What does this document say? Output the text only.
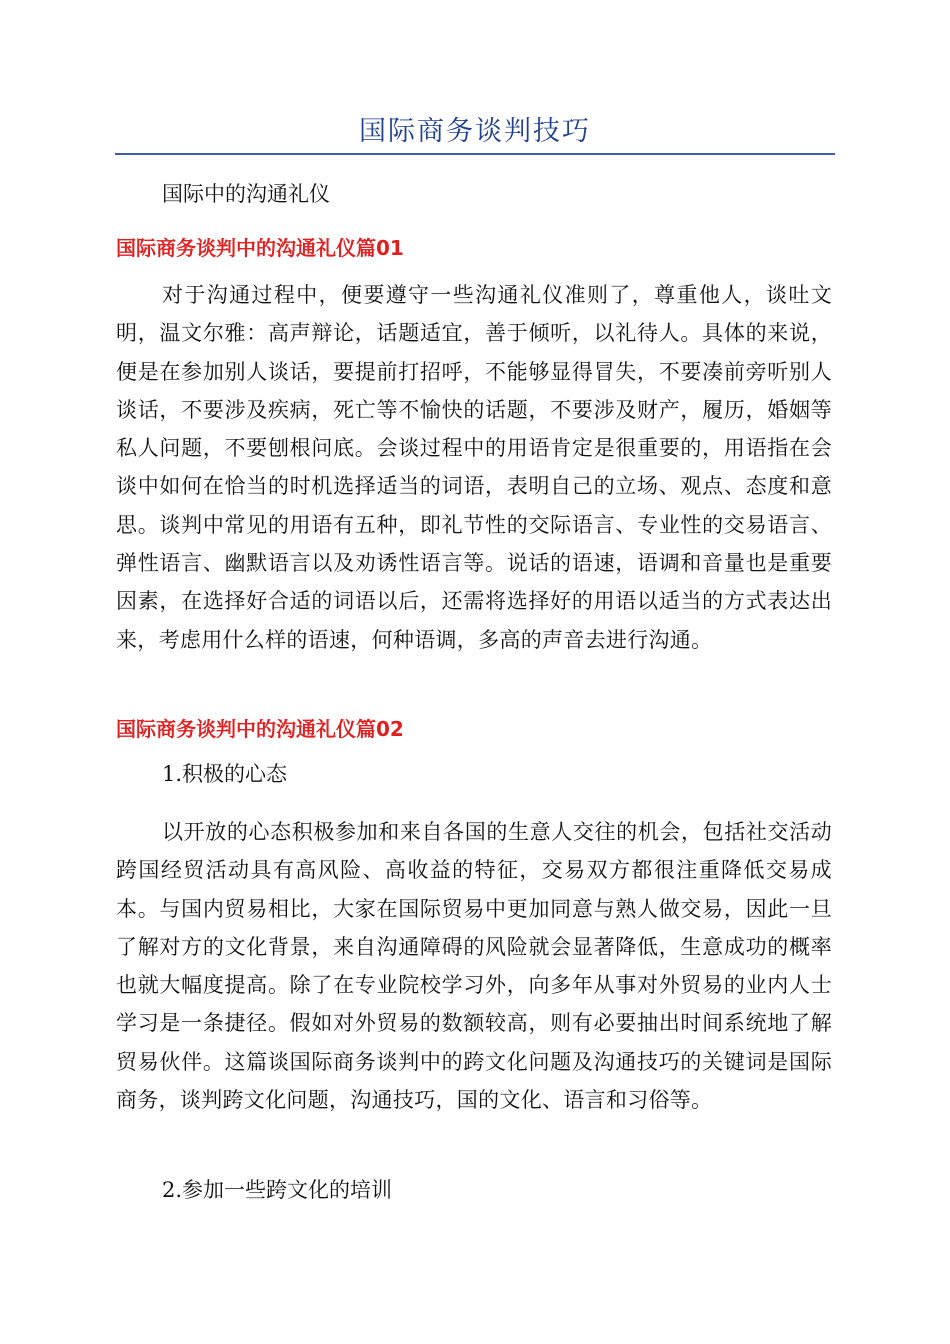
国际商务谈判技巧
国际中的沟通礼仪
国际商务谈判中的沟通礼仪篇01
对于沟通过程中，便要遵守一些沟通礼仪准则了，尊重他人，谈吐文明，温文尔雅：高声辩论，话题适宜，善于倾听，以礼待人。具体的来说，便是在参加别人谈话，要提前打招呼，不能够显得冒失，不要凑前旁听别人谈话，不要涉及疾病，死亡等不愉快的话题，不要涉及财产，履历，婚姻等私人问题，不要刨根问底。会谈过程中的用语肯定是很重要的，用语指在会谈中如何在恰当的时机选择适当的词语，表明自己的立场、观点、态度和意思。谈判中常见的用语有五种，即礼节性的交际语言、专业性的交易语言、弹性语言、幽默语言以及劝诱性语言等。说话的语速，语调和音量也是重要因素，在选择好合适的词语以后，还需将选择好的用语以适当的方式表达出来，考虑用什么样的语速，何种语调，多高的声音去进行沟通。
国际商务谈判中的沟通礼仪篇02
1.积极的心态
以开放的心态积极参加和来自各国的生意人交往的机会，包括社交活动跨国经贸活动具有高风险、高收益的特征，交易双方都很注重降低交易成本。与国内贸易相比，大家在国际贸易中更加同意与熟人做交易，因此一旦了解对方的文化背景，来自沟通障碍的风险就会显著降低，生意成功的概率也就大幅度提高。除了在专业院校学习外，向多年从事对外贸易的业内人士学习是一条捷径。假如对外贸易的数额较高，则有必要抽出时间系统地了解贸易伙伴。这篇谈国际商务谈判中的跨文化问题及沟通技巧的关键词是国际商务，谈判跨文化问题，沟通技巧，国的文化、语言和习俗等。
2.参加一些跨文化的培训
